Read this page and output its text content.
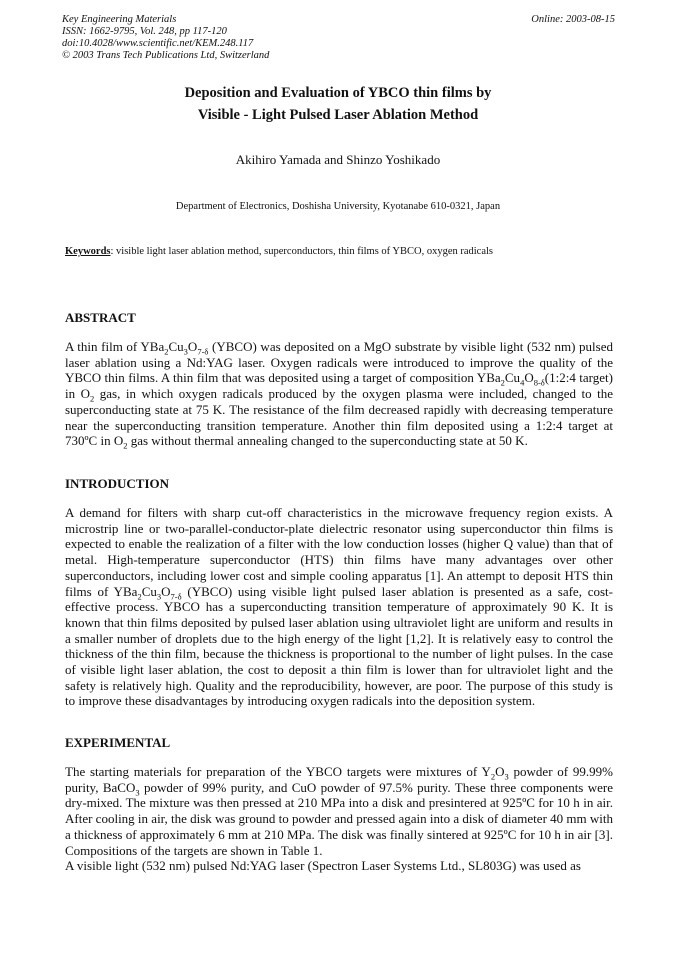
Key Engineering Materials
ISSN: 1662-9795, Vol. 248, pp 117-120
doi:10.4028/www.scientific.net/KEM.248.117
© 2003 Trans Tech Publications Ltd, Switzerland
Online: 2003-08-15
Deposition and Evaluation of YBCO thin films by
Visible - Light Pulsed Laser Ablation Method
Akihiro Yamada and Shinzo Yoshikado
Department of Electronics, Doshisha University, Kyotanabe 610-0321, Japan
Keywords: visible light laser ablation method, superconductors, thin films of YBCO, oxygen radicals
ABSTRACT
A thin film of $YBa_2Cu_3O_{7-\delta}$ (YBCO) was deposited on a MgO substrate by visible light (532 nm) pulsed laser ablation using a Nd:YAG laser. Oxygen radicals were introduced to improve the quality of the YBCO thin films. A thin film that was deposited using a target of composition $YBa_2Cu_4O_{8-\delta}(1:2:4$ target) in $O_2$ gas, in which oxygen radicals produced by the oxygen plasma were included, changed to the superconducting state at 75 K. The resistance of the film decreased rapidly with decreasing temperature near the superconducting transition temperature. Another thin film deposited using a 1:2:4 target at 730ºC in $O_2$ gas without thermal annealing changed to the superconducting state at 50 K.
INTRODUCTION
A demand for filters with sharp cut-off characteristics in the microwave frequency region exists. A microstrip line or two-parallel-conductor-plate dielectric resonator using superconductor thin films is expected to enable the realization of a filter with the low conduction losses (higher Q value) than that of metal. High-temperature superconductor (HTS) thin films have many advantages over other superconductors, including lower cost and simple cooling apparatus [1]. An attempt to deposit HTS thin films of $YBa_2Cu_3O_{7-\delta}$ (YBCO) using visible light pulsed laser ablation is presented as a safe, cost-effective process. YBCO has a superconducting transition temperature of approximately 90 K. It is known that thin films deposited by pulsed laser ablation using ultraviolet light are uniform and results in a smaller number of droplets due to the high energy of the light [1,2]. It is relatively easy to control the thickness of the thin film, because the thickness is proportional to the number of light pulses. In the case of visible light laser ablation, the cost to deposit a thin film is lower than for ultraviolet light and the safety is relatively high. Quality and the reproducibility, however, are poor. The purpose of this study is to improve these disadvantages by introducing oxygen radicals into the deposition system.
EXPERIMENTAL
The starting materials for preparation of the YBCO targets were mixtures of $Y_2O_3$ powder of 99.99% purity, BaCO$_3$ powder of 99% purity, and CuO powder of 97.5% purity. These three components were dry-mixed. The mixture was then pressed at 210 MPa into a disk and presintered at 925ºC for 10 h in air. After cooling in air, the disk was ground to powder and pressed again into a disk of diameter 40 mm with a thickness of approximately 6 mm at 210 MPa. The disk was finally sintered at 925ºC for 10 h in air [3]. Compositions of the targets are shown in Table 1.
A visible light (532 nm) pulsed Nd:YAG laser (Spectron Laser Systems Ltd., SL803G) was used as
